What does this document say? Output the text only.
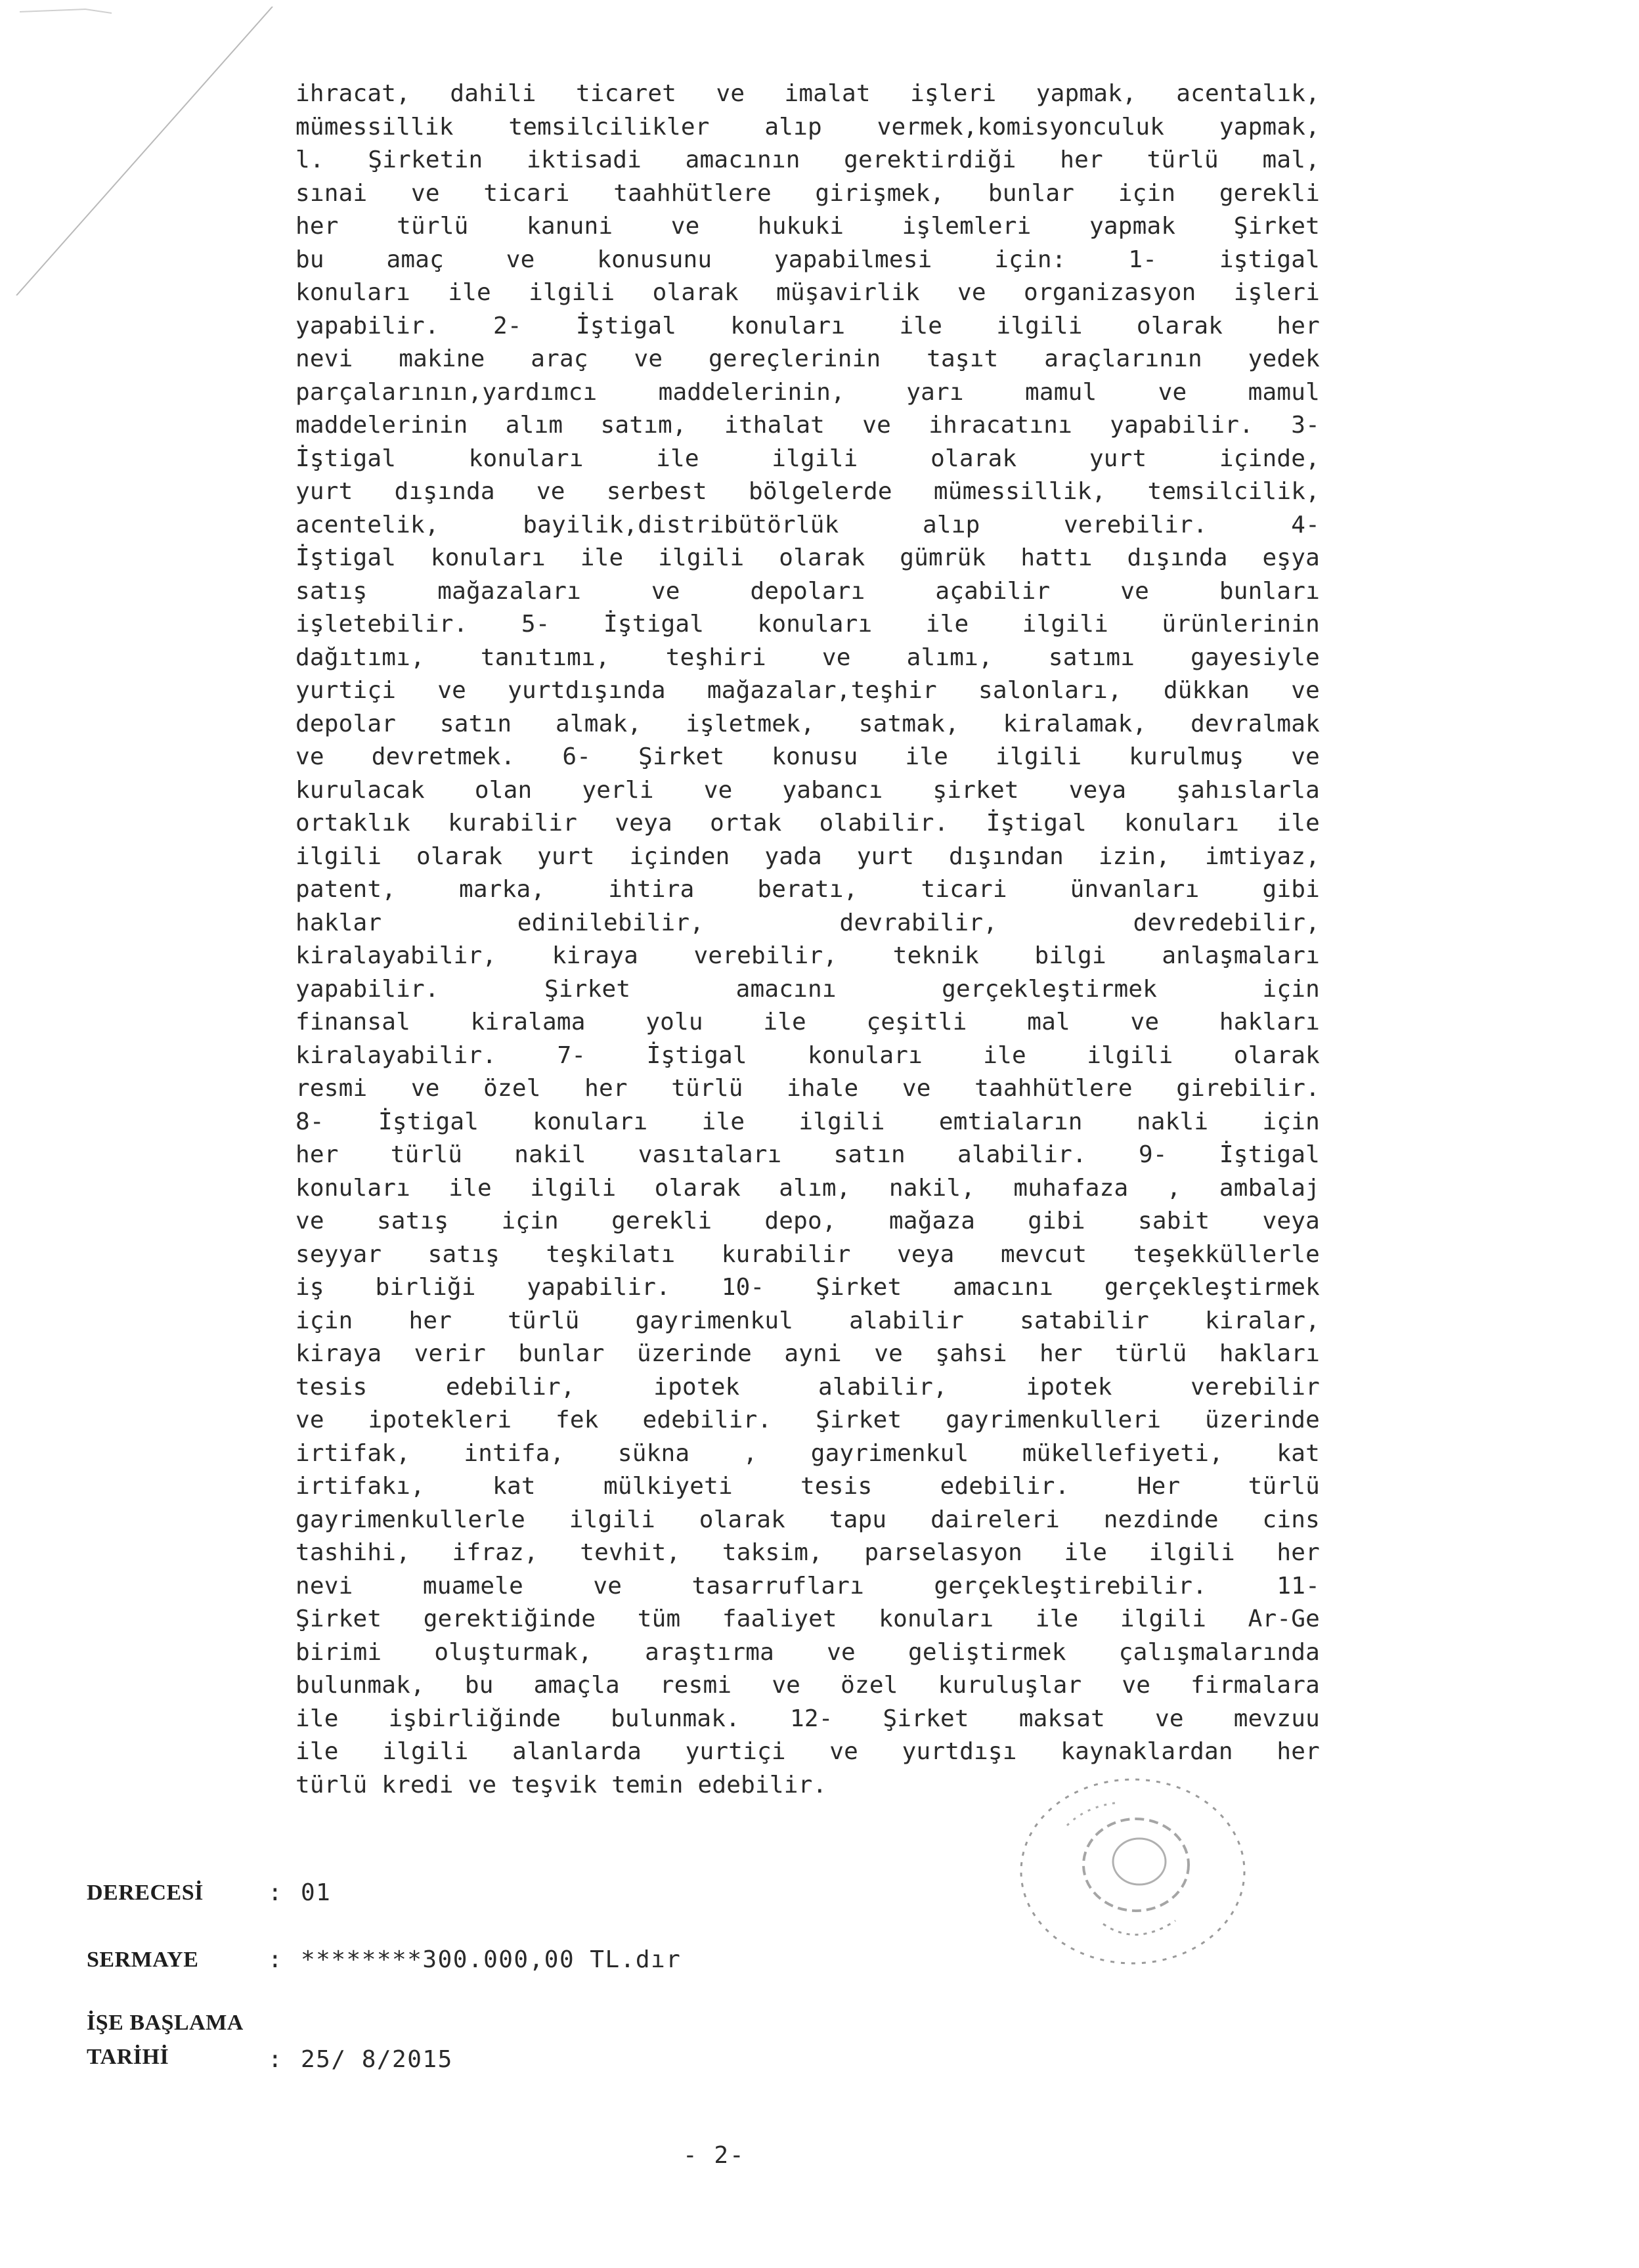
ihracat, dahili ticaret ve imalat işleri yapmak, acentalık,
mümessillik temsilcilikler alıp vermek,komisyonculuk yapmak,
l. Şirketin iktisadi amacının gerektirdiği her türlü mal,
sınai ve ticari taahhütlere girişmek, bunlar için gerekli
her türlü kanuni ve hukuki işlemleri yapmak Şirket
bu amaç ve konusunu yapabilmesi için: 1- iştigal
konuları ile ilgili olarak müşavirlik ve organizasyon işleri
yapabilir. 2- İştigal konuları ile ilgili olarak her
nevi makine araç ve gereçlerinin taşıt araçlarının yedek
parçalarının,yardımcı maddelerinin, yarı mamul ve mamul
maddelerinin alım satım, ithalat ve ihracatını yapabilir. 3-
İştigal konuları ile ilgili olarak yurt içinde,
yurt dışında ve serbest bölgelerde mümessillik, temsilcilik,
acentelik, bayilik,distribütörlük alıp verebilir. 4-
İştigal konuları ile ilgili olarak gümrük hattı dışında eşya
satış mağazaları ve depoları açabilir ve bunları
işletebilir. 5- İştigal konuları ile ilgili ürünlerinin
dağıtımı, tanıtımı, teşhiri ve alımı, satımı gayesiyle
yurtiçi ve yurtdışında mağazalar,teşhir salonları, dükkan ve
depolar satın almak, işletmek, satmak, kiralamak, devralmak
ve devretmek. 6- Şirket konusu ile ilgili kurulmuş ve
kurulacak olan yerli ve yabancı şirket veya şahıslarla
ortaklık kurabilir veya ortak olabilir. İştigal konuları ile
ilgili olarak yurt içinden yada yurt dışından izin, imtiyaz,
patent, marka, ihtira beratı, ticari ünvanları gibi
haklar edinilebilir, devrabilir, devredebilir,
kiralayabilir, kiraya verebilir, teknik bilgi anlaşmaları
yapabilir. Şirket amacını gerçekleştirmek için
finansal kiralama yolu ile çeşitli mal ve hakları
kiralayabilir. 7- İştigal konuları ile ilgili olarak
resmi ve özel her türlü ihale ve taahhütlere girebilir.
8- İştigal konuları ile ilgili emtiaların nakli için
her türlü nakil vasıtaları satın alabilir. 9- İştigal
konuları ile ilgili olarak alım, nakil, muhafaza , ambalaj
ve satış için gerekli depo, mağaza gibi sabit veya
seyyar satış teşkilatı kurabilir veya mevcut teşekküllerle
iş birliği yapabilir. 10- Şirket amacını gerçekleştirmek
için her türlü gayrimenkul alabilir satabilir kiralar,
kiraya verir bunlar üzerinde ayni ve şahsi her türlü hakları
tesis edebilir, ipotek alabilir, ipotek verebilir
ve ipotekleri fek edebilir. Şirket gayrimenkulleri üzerinde
irtifak, intifa, sükna , gayrimenkul mükellefiyeti, kat
irtifakı, kat mülkiyeti tesis edebilir. Her türlü
gayrimenkullerle ilgili olarak tapu daireleri nezdinde cins
tashihi, ifraz, tevhit, taksim, parselasyon ile ilgili her
nevi muamele ve tasarrufları gerçekleştirebilir. 11-
Şirket gerektiğinde tüm faaliyet konuları ile ilgili Ar-Ge
birimi oluşturmak, araştırma ve geliştirmek çalışmalarında
bulunmak, bu amaçla resmi ve özel kuruluşlar ve firmalara
ile işbirliğinde bulunmak. 12- Şirket maksat ve mevzuu
ile ilgili alanlarda yurtiçi ve yurtdışı kaynaklardan her
türlü kredi ve teşvik temin edebilir.
DERECESİ	: 01
SERMAYE	: ********300.000,00 TL.dır
İŞE BAŞLAMA
TARİHİ	: 25/ 8/2015
- 2-
